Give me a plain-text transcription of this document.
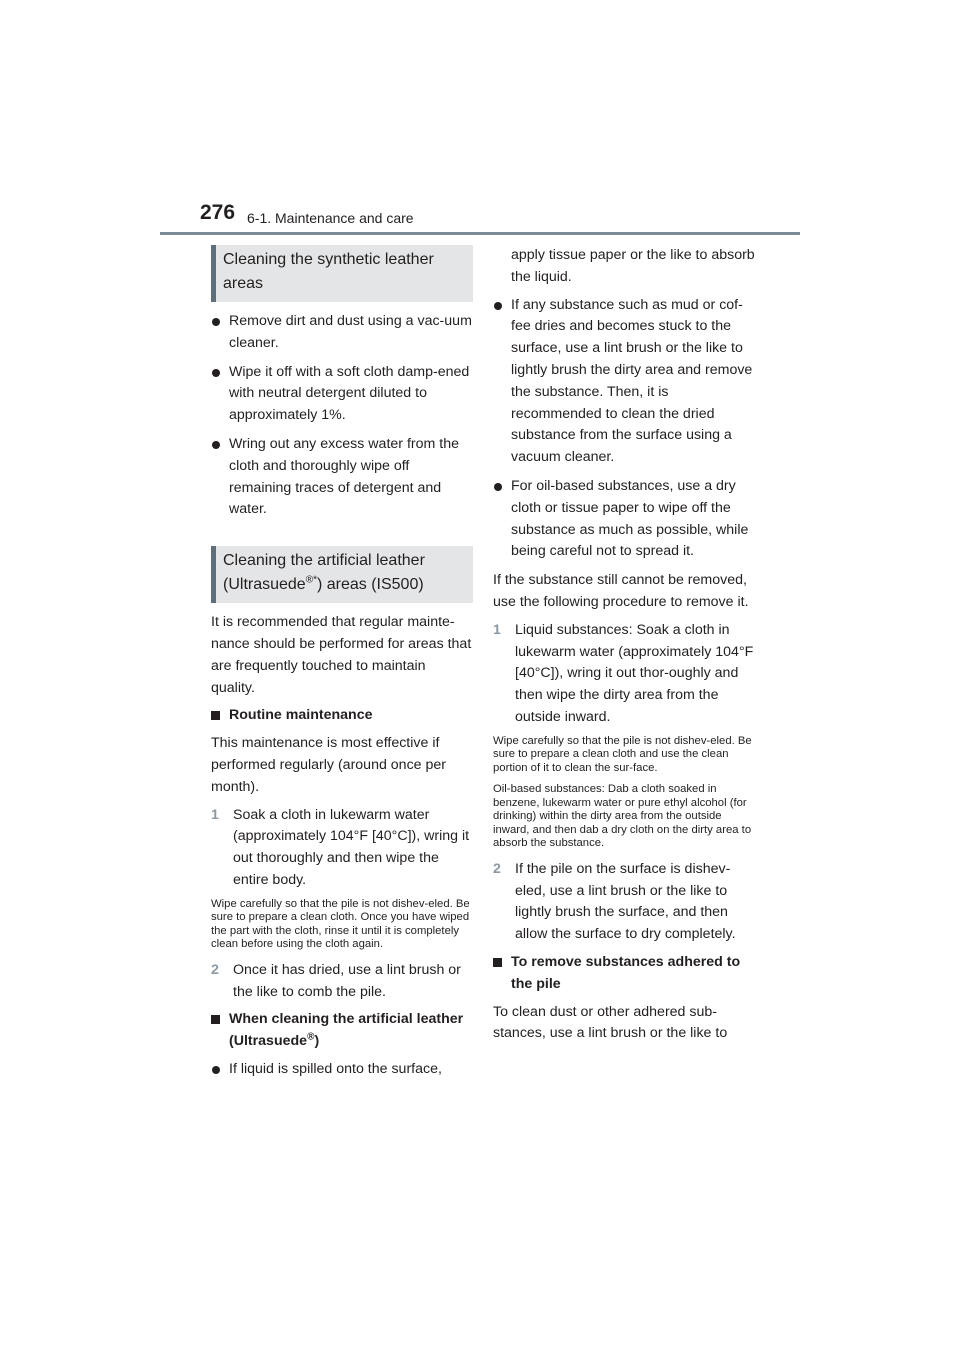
276 6-1. Maintenance and care
Cleaning the synthetic leather areas
Remove dirt and dust using a vac-uum cleaner.
Wipe it off with a soft cloth damp-ened with neutral detergent diluted to approximately 1%.
Wring out any excess water from the cloth and thoroughly wipe off remaining traces of detergent and water.
Cleaning the artificial leather (Ultrasuede®*) areas (IS500)

It is recommended that regular mainte-nance should be performed for areas that are frequently touched to maintain quality.

Routine maintenance

This maintenance is most effective if performed regularly (around once per month).

1 Soak a cloth in lukewarm water (approximately 104°F [40°C]), wring it out thoroughly and then wipe the entire body.

Wipe carefully so that the pile is not dishev-eled. Be sure to prepare a clean cloth. Once you have wiped the part with the cloth, rinse it until it is completely clean before using the cloth again.

2 Once it has dried, use a lint brush or the like to comb the pile.
When cleaning the artificial leather (Ultrasuede®)
If liquid is spilled onto the surface,

apply tissue paper or the like to absorb the liquid.

If any substance such as mud or cof-fee dries and becomes stuck to the surface, use a lint brush or the like to lightly brush the dirty area and remove the substance. Then, it is recommended to clean the dried substance from the surface using a vacuum cleaner.
For oil-based substances, use a dry cloth or tissue paper to wipe off the substance as much as possible, while being careful not to spread it.

If the substance still cannot be removed, use the following procedure to remove it.

1 Liquid substances: Soak a cloth in lukewarm water (approximately 104°F [40°C]), wring it out thor-oughly and then wipe the dirty area from the outside inward.

Wipe carefully so that the pile is not dishev-eled. Be sure to prepare a clean cloth and use the clean portion of it to clean the sur-face.

Oil-based substances: Dab a cloth soaked in benzene, lukewarm water or pure ethyl alcohol (for drinking) within the dirty area from the outside inward, and then dab a dry cloth on the dirty area to absorb the substance.

2 If the pile on the surface is dishev-eled, use a lint brush or the like to lightly brush the surface, and then allow the surface to dry completely.
To remove substances adhered to the pile

To clean dust or other adhered sub-stances, use a lint brush or the like to
